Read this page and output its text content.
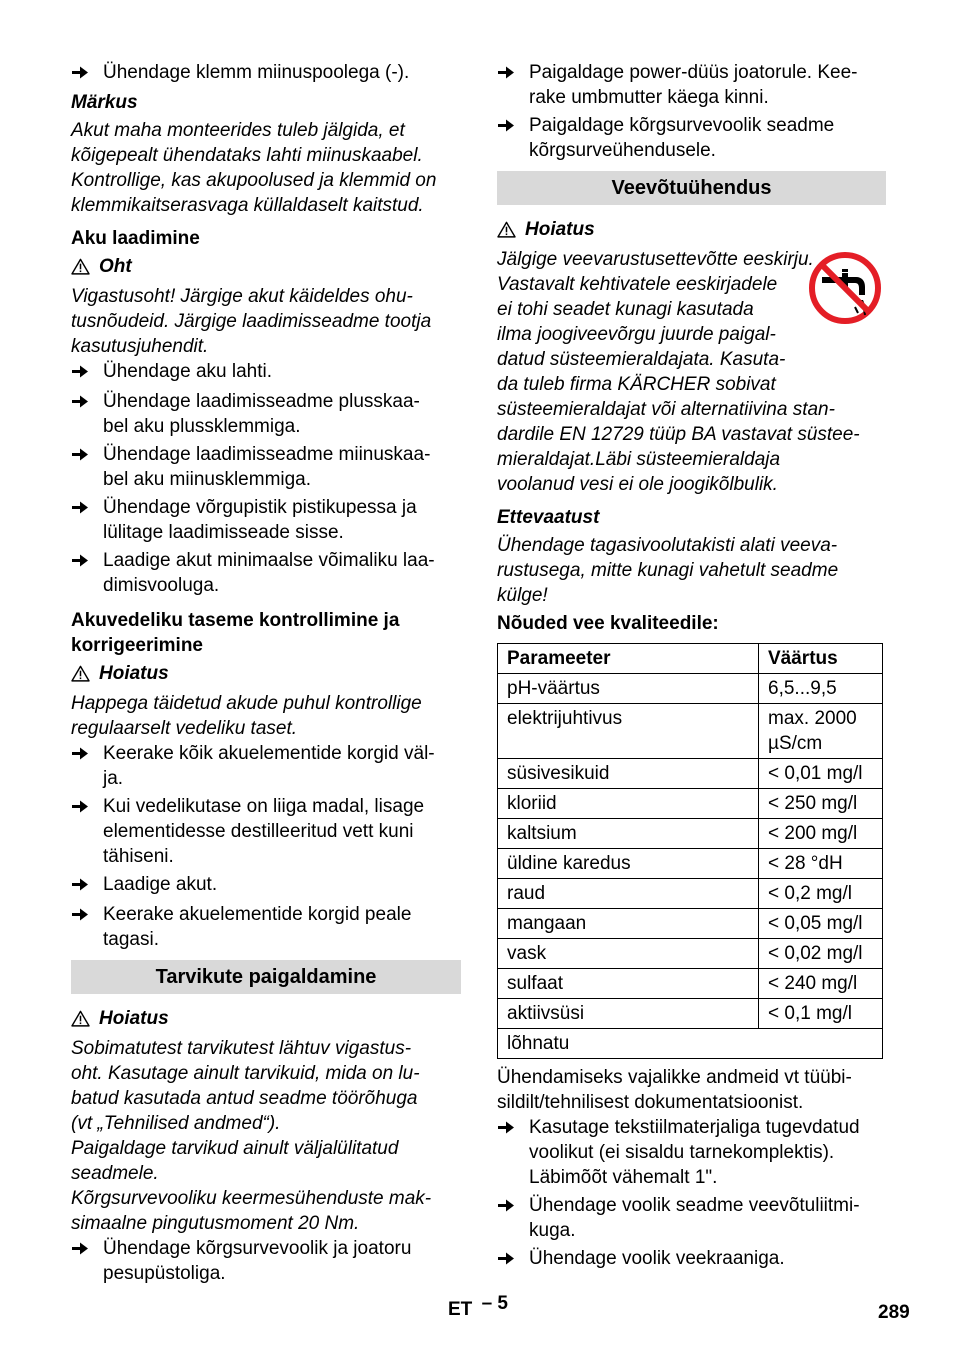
Ühendage klemm miinuspoolega (-).
Märkus
Akut maha monteerides tuleb jälgida, et
kõigepealt ühendataks lahti miinuskaabel.
Kontrollige, kas akupoolused ja klemmid on
klemmikaitserasvaga küllaldaselt kaitstud.
Aku laadimine
Oht
Vigastusoht! Järgige akut käideldes ohu-
tusnõudeid. Järgige laadimisseadme tootja
kasutusjuhendit.
Ühendage aku lahti.
Ühendage laadimisseadme plusskaa-
bel aku plussklemmiga.
Ühendage laadimisseadme miinuskaa-
bel aku miinusklemmiga.
Ühendage võrgupistik pistikupessa ja
lülitage laadimisseade sisse.
Laadige akut minimaalse võimaliku laa-
dimisvooluga.
Akuvedeliku taseme kontrollimine ja
korrigeerimine
Hoiatus
Happega täidetud akude puhul kontrollige
regulaarselt vedeliku taset.
Keerake kõik akuelementide korgid väl-
ja.
Kui vedelikutase on liiga madal, lisage
elementidesse destilleeritud vett kuni
tähiseni.
Laadige akut.
Keerake akuelementide korgid peale
tagasi.
Tarvikute paigaldamine
Hoiatus
Sobimatutest tarvikutest lähtuv vigastus-
oht. Kasutage ainult tarvikuid, mida on lu-
batud kasutada antud seadme töörõhuga
(vt „Tehnilised andmed“).
Paigaldage tarvikud ainult väljalülitatud
seadmele.
Kõrgsurvevooliku keermesühenduste mak-
simaalne pingutusmoment 20 Nm.
Ühendage kõrgsurvevoolik ja joatoru
pesupüstoliga.
Paigaldage power-düüs joatorule. Kee-
rake umbmutter käega kinni.
Paigaldage kõrgsurvevoolik seadme
kõrgsurveühendusele.
Veevõtuühendus
Hoiatus
Jälgige veevarustusettevõtte eeskirju.
Vastavalt kehtivatele eeskirjadele
ei tohi seadet kunagi kasutada
ilma joogiveevõrgu juurde paigal-
datud süsteemieraldajata. Kasuta-
da tuleb firma KÄRCHER sobivat
süsteemieraldajat või alternatiivina stan-
dardile EN 12729 tüüp BA vastavat süstee-
mieraldajat.Läbi süsteemieraldaja
voolanud vesi ei ole joogikõlbulik.
Ettevaatust
Ühendage tagasivoolutakisti alati veeva-
rustusega, mitte kunagi vahetult seadme
külge!
Nõuded vee kvaliteedile:
Parameeter	Väärtus
pH-väärtus	6,5...9,5
elektrijuhtivus	max. 2000 µS/cm
süsivesikuid	< 0,01 mg/l
kloriid	< 250 mg/l
kaltsium	< 200 mg/l
üldine karedus	< 28 °dH
raud	< 0,2 mg/l
mangaan	< 0,05 mg/l
vask	< 0,02 mg/l
sulfaat	< 240 mg/l
aktiivsüsi	< 0,1 mg/l
lõhnatu	
Ühendamiseks vajalikke andmeid vt tüübi-
sildilt/tehnilisest dokumentatsioonist.
Kasutage tekstiilmaterjaliga tugevdatud
voolikut (ei sisaldu tarnekomplektis).
Läbimõõt vähemalt 1".
Ühendage voolik seadme veevõtuliitmi-
kuga.
Ühendage voolik veekraaniga.
ET – 5	289
